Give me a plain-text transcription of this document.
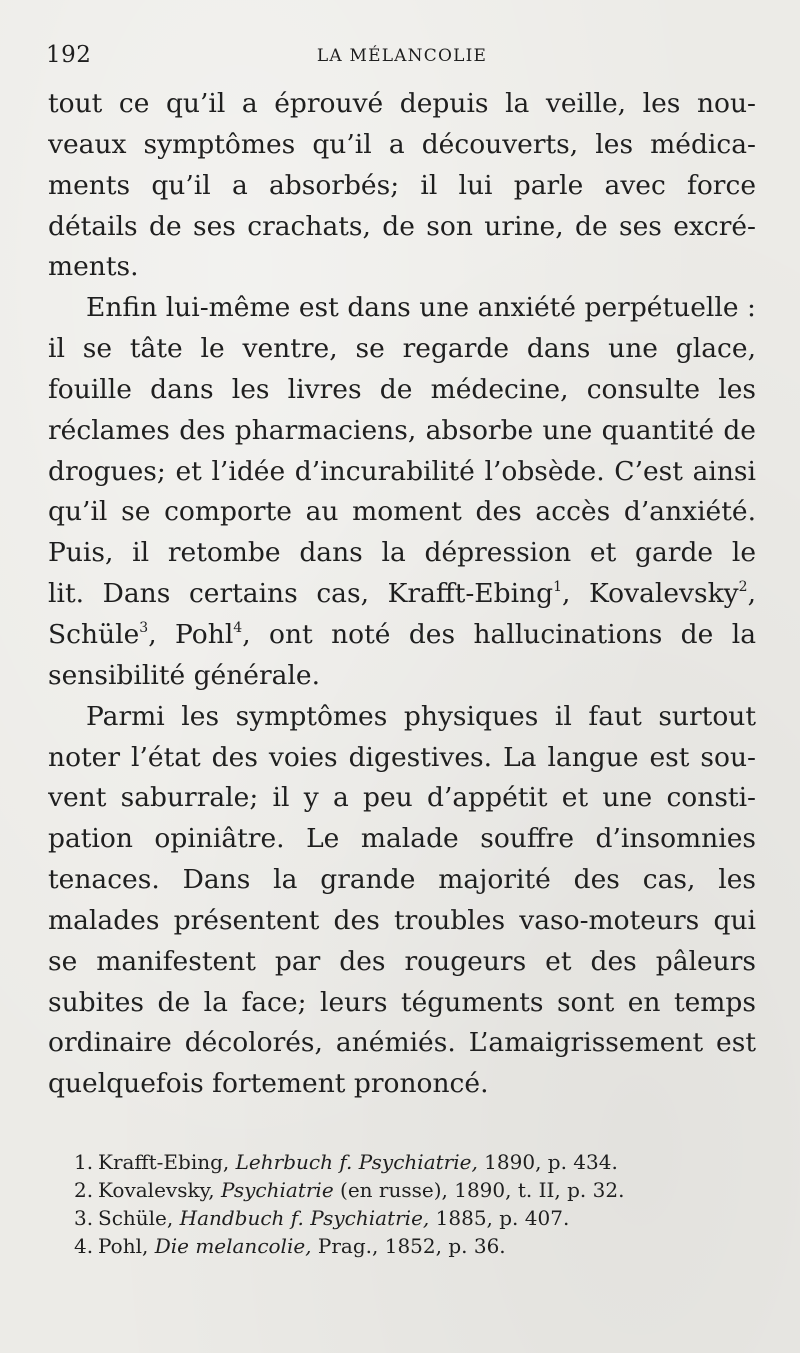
192	LA MÉLANCOLIE

tout ce qu’il a éprouvé depuis la veille, les nou-
veaux symptômes qu’il a découverts, les médica-
ments qu’il a absorbés; il lui parle avec force
détails de ses crachats, de son urine, de ses excré-
ments.

Enfin lui-même est dans une anxiété perpétuelle :
il se tâte le ventre, se regarde dans une glace,
fouille dans les livres de médecine, consulte les
réclames des pharmaciens, absorbe une quantité de
drogues; et l’idée d’incurabilité l’obsède. C’est ainsi
qu’il se comporte au moment des accès d’anxiété.
Puis, il retombe dans la dépression et garde le
lit. Dans certains cas, Krafft-Ebing$^1$, Kovalevsky$^2$,
Schüle$^3$, Pohl$^4$, ont noté des hallucinations de la
sensibilité générale.

Parmi les symptômes physiques il faut surtout
noter l’état des voies digestives. La langue est sou-
vent saburrale; il y a peu d’appétit et une consti-
pation opiniâtre. Le malade souffre d’insomnies
tenaces. Dans la grande majorité des cas, les
malades présentent des troubles vaso-moteurs qui
se manifestent par des rougeurs et des pâleurs
subites de la face; leurs téguments sont en temps
ordinaire décolorés, anémiés. L’amaigrissement est
quelquefois fortement prononcé.

1. Krafft-Ebing, Lehrbuch f. Psychiatrie, 1890, p. 434.
2. Kovalevsky, Psychiatrie (en russe), 1890, t. II, p. 32.
3. Schüle, Handbuch f. Psychiatrie, 1885, p. 407.
4. Pohl, Die melancolie, Prag., 1852, p. 36.
